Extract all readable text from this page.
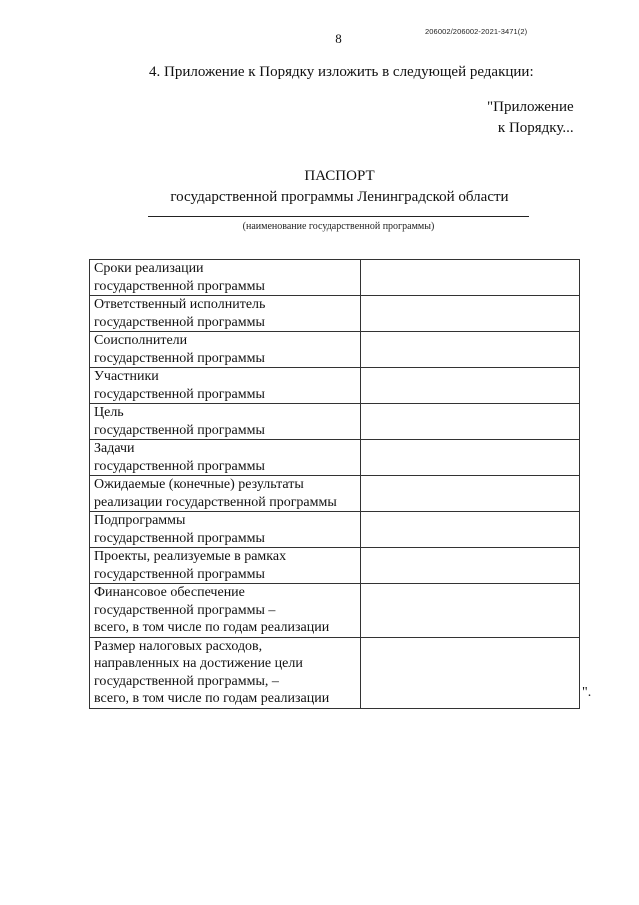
206002/206002-2021-3471(2)
8
4. Приложение к Порядку изложить в следующей редакции:
"Приложение
к Порядку...
ПАСПОРТ
государственной программы Ленинградской области
(наименование государственной программы)
Сроки реализации
государственной программы	

Ответственный исполнитель
государственной программы	

Соисполнители
государственной программы	

Участники
государственной программы	

Цель
государственной программы	

Задачи
государственной программы	

Ожидаемые (конечные) результаты
реализации государственной программы	

Подпрограммы
государственной программы	

Проекты, реализуемые в рамках
государственной программы	

Финансовое обеспечение
государственной программы –
всего, в том числе по годам реализации	

Размер налоговых расходов,
направленных на достижение цели
государственной программы, –
всего, в том числе по годам реализации	
		".
